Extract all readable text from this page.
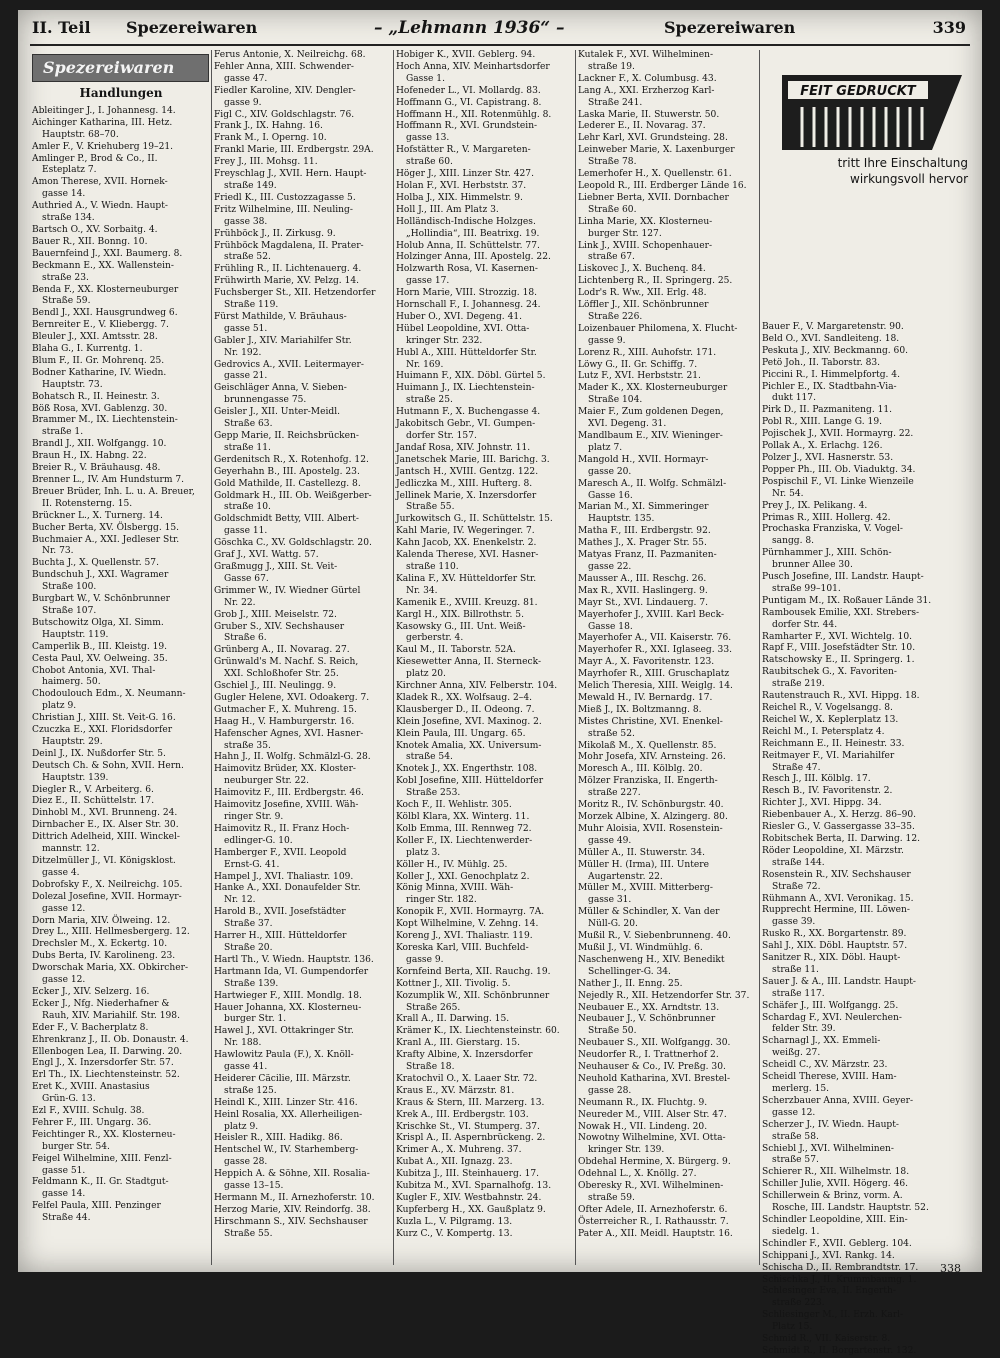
II. Teil Spezereiwaren	– „Lehmann 1936“ –	Spezereiwaren	339
Spezereiwaren
Handlungen
Ableitinger J., I. Johannesg. 14.
Aichinger Katharina, III. Hetz.
Hauptstr. 68–70.
Amler F., V. Kriehuberg 19–21.
Amlinger P., Brod & Co., II.
Esteplatz 7.
Amon Therese, XVII. Hornek-
gasse 14.
Authried A., V. Wiedn. Haupt-
straße 134.
Bartsch O., XV. Sorbaitg. 4.
Bauer R., XII. Bonng. 10.
Bauernfeind J., XXI. Baumerg. 8.
Beckmann E., XX. Wallenstein-
straße 23.
Benda F., XX. Klosterneuburger
Straße 59.
Bendl J., XXI. Hausgrundweg 6.
Bernreiter E., V. Kliebergg. 7.
Bleuler J., XXI. Amtsstr. 28.
Blaha G., I. Kurrentg. 1.
Blum F., II. Gr. Mohrenq. 25.
Bodner Katharine, IV. Wiedn.
Hauptstr. 73.
Bohatsch R., II. Heinestr. 3.
Böß Rosa, XVI. Gablenzg. 30.
Brammer M., IX. Liechtenstein-
straße 1.
Brandl J., XII. Wolfgangg. 10.
Braun H., IX. Habng. 22.
Breier R., V. Bräuhausg. 48.
Brenner L., IV. Am Hundsturm 7.
Breuer Brüder, Inh. L. u. A. Breuer,
II. Rotensterng. 15.
Brückner L., X. Turnerg. 14.
Bucher Berta, XV. Ölsbergg. 15.
Buchmaier A., XXI. Jedleser Str.
Nr. 73.
Buchta J., X. Quellenstr. 57.
Bundschuh J., XXI. Wagramer
Straße 100.
Burgbart W., V. Schönbrunner
Straße 107.
Butschowitz Olga, XI. Simm.
Hauptstr. 119.
Camperlik B., III. Kleistg. 19.
Cesta Paul, XV. Oelweing. 35.
Chobot Antonia, XVI. Thal-
haimerg. 50.
Chodoulouch Edm., X. Neumann-
platz 9.
Christian J., XIII. St. Veit-G. 16.
Czuczka E., XXI. Floridsdorfer
Hauptstr. 29.
Deinl J., IX. Nußdorfer Str. 5.
Deutsch Ch. & Sohn, XVII. Hern.
Hauptstr. 139.
Diegler R., V. Arbeiterg. 6.
Diez E., II. Schüttelstr. 17.
Dinhobl M., XVI. Brunneng. 24.
Dirnbacher E., IX. Alser Str. 30.
Dittrich Adelheid, XIII. Winckel-
mannstr. 12.
Ditzelmüller J., VI. Königsklost.
gasse 4.
Dobrofsky F., X. Neilreichg. 105.
Dolezal Josefine, XVII. Hormayr-
gasse 12.
Dorn Maria, XIV. Ölweing. 12.
Drey L., XIII. Hellmesbergerg. 12.
Drechsler M., X. Eckertg. 10.
Dubs Berta, IV. Karolineng. 23.
Dworschak Maria, XX. Obkircher-
gasse 12.
Ecker J., XIV. Selzerg. 16.
Ecker J., Nfg. Niederhafner &
Rauh, XIV. Mariahilf. Str. 198.
Eder F., V. Bacherplatz 8.
Ehrenkranz J., II. Ob. Donaustr. 4.
Ellenbogen Lea, II. Darwing. 20.
Engl J., X. Inzersdorfer Str. 57.
Erl Th., IX. Liechtensteinstr. 52.
Eret K., XVIII. Anastasius
Grün-G. 13.
Ezl F., XVIII. Schulg. 38.
Fehrer F., III. Ungarg. 36.
Feichtinger R., XX. Klosterneu-
burger Str. 54.
Feigel Wilhelmine, XIII. Fenzl-
gasse 51.
Feldmann K., II. Gr. Stadtgut-
gasse 14.
Felfel Paula, XIII. Penzinger
Straße 44.
Ferus Antonie, X. Neilreichg. 68.
Fehler Anna, XIII. Schwender-
gasse 47.
Fiedler Karoline, XIV. Dengler-
gasse 9.
Figl C., XIV. Goldschlagstr. 76.
Frank J., IX. Hahng. 16.
Frank M., I. Operng. 10.
Frankl Marie, III. Erdbergstr. 29A.
Frey J., III. Mohsg. 11.
Freyschlag J., XVII. Hern. Haupt-
straße 149.
Friedl K., III. Custozzagasse 5.
Fritz Wilhelmine, III. Neuling-
gasse 38.
Frühböck J., II. Zirkusg. 9.
Frühböck Magdalena, II. Prater-
straße 52.
Frühling R., II. Lichtenauerg. 4.
Frühwirth Marie, XV. Pelzg. 14.
Fuchsberger St., XII. Hetzendorfer
Straße 119.
Fürst Mathilde, V. Bräuhaus-
gasse 51.
Gabler J., XIV. Mariahilfer Str.
Nr. 192.
Gedrovics A., XVII. Leitermayer-
gasse 21.
Geischläger Anna, V. Sieben-
brunnengasse 75.
Geisler J., XII. Unter-Meidl.
Straße 63.
Gepp Marie, II. Reichsbrücken-
straße 11.
Gerdenitsch R., X. Rotenhofg. 12.
Geyerhahn B., III. Apostelg. 23.
Gold Mathilde, II. Castellezg. 8.
Goldmark H., III. Ob. Weißgerber-
straße 10.
Goldschmidt Betty, VIII. Albert-
gasse 11.
Göschka C., XV. Goldschlagstr. 20.
Graf J., XVI. Wattg. 57.
Graßmugg J., XIII. St. Veit-
Gasse 67.
Grimmer W., IV. Wiedner Gürtel
Nr. 22.
Grob J., XIII. Meiselstr. 72.
Gruber S., XIV. Sechshauser
Straße 6.
Grünberg A., II. Novarag. 27.
Grünwald's M. Nachf. S. Reich,
XXI. Schloßhofer Str. 25.
Gschiel J., III. Neulingg. 9.
Gugler Helene, XVI. Odoakerg. 7.
Gutmacher F., X. Muhreng. 15.
Haag H., V. Hamburgerstr. 16.
Hafenscher Agnes, XVI. Hasner-
straße 35.
Hahn J., II. Wolfg. Schmälzl-G. 28.
Haimovitz Brüder, XX. Kloster-
neuburger Str. 22.
Haimovitz F., III. Erdbergstr. 46.
Haimovitz Josefine, XVIII. Wäh-
ringer Str. 9.
Haimovitz R., II. Franz Hoch-
edlinger-G. 10.
Hamberger F., XVII. Leopold
Ernst-G. 41.
Hampel J., XVI. Thaliastr. 109.
Hanke A., XXI. Donaufelder Str.
Nr. 12.
Harold B., XVII. Josefstädter
Straße 37.
Harrer H., XIII. Hütteldorfer
Straße 20.
Hartl Th., V. Wiedn. Hauptstr. 136.
Hartmann Ida, VI. Gumpendorfer
Straße 139.
Hartwieger F., XIII. Mondlg. 18.
Hauer Johanna, XX. Klosterneu-
burger Str. 1.
Hawel J., XVI. Ottakringer Str.
Nr. 188.
Hawlowitz Paula (F.), X. Knöll-
gasse 41.
Heiderer Cäcilie, III. Märzstr.
straße 125.
Heindl K., XIII. Linzer Str. 416.
Heinl Rosalia, XX. Allerheiligen-
platz 9.
Heisler R., XIII. Hadikg. 86.
Hentschel W., IV. Starhemberg-
gasse 28.
Heppich A. & Söhne, XII. Rosalia-
gasse 13–15.
Hermann M., II. Arnezhoferstr. 10.
Herzog Marie, XIV. Reindorfg. 38.
Hirschmann S., XIV. Sechshauser
Straße 55.
Hobiger K., XVII. Geblerg. 94.
Hoch Anna, XIV. Meinhartsdorfer
Gasse 1.
Hofeneder L., VI. Mollardg. 83.
Hoffmann G., VI. Capistrang. 8.
Hoffmann H., XII. Rotenmühlg. 8.
Hoffmann R., XVI. Grundstein-
gasse 13.
Hofstätter R., V. Margareten-
straße 60.
Höger J., XIII. Linzer Str. 427.
Holan F., XVI. Herbststr. 37.
Holba J., XIX. Himmelstr. 9.
Holl J., III. Am Platz 3.
Holländisch-Indische Holzges.
„Hollindia“, III. Beatrixg. 19.
Holub Anna, II. Schüttelstr. 77.
Holzinger Anna, III. Apostelg. 22.
Holzwarth Rosa, VI. Kasernen-
gasse 17.
Horn Marie, VIII. Strozzig. 18.
Hornschall F., I. Johannesg. 24.
Huber O., XVI. Degeng. 41.
Hübel Leopoldine, XVI. Otta-
kringer Str. 232.
Hubl A., XIII. Hütteldorfer Str.
Nr. 169.
Huimann F., XIX. Döbl. Gürtel 5.
Huimann J., IX. Liechtenstein-
straße 25.
Hutmann F., X. Buchengasse 4.
Jakobitsch Gebr., VI. Gumpen-
dorfer Str. 157.
Jandaf Rosa, XIV. Johnstr. 11.
Janetschek Marie, III. Barichg. 3.
Jantsch H., XVIII. Gentzg. 122.
Jedliczka M., XIII. Hufterg. 8.
Jellinek Marie, X. Inzersdorfer
Straße 55.
Jurkowitsch G., II. Schüttelstr. 15.
Kahl Marie, IV. Wegeringer. 7.
Kahn Jacob, XX. Enenkelstr. 2.
Kalenda Therese, XVI. Hasner-
straße 110.
Kalina F., XV. Hütteldorfer Str.
Nr. 34.
Kamenik E., XVIII. Kreuzg. 81.
Kargl H., XIX. Billrothstr. 5.
Kasowsky G., III. Unt. Weiß-
gerberstr. 4.
Kaul M., II. Taborstr. 52A.
Kiesewetter Anna, II. Sterneck-
platz 20.
Kirchner Anna, XIV. Felberstr. 104.
Kladek R., XX. Wolfsaug. 2–4.
Klausberger D., II. Odeong. 7.
Klein Josefine, XVI. Maxinog. 2.
Klein Paula, III. Ungarg. 65.
Knotek Amalia, XX. Universum-
straße 54.
Knotek J., XX. Engerthstr. 108.
Kobl Josefine, XIII. Hütteldorfer
Straße 253.
Koch F., II. Wehlistr. 305.
Kölbl Klara, XX. Winterg. 11.
Kolb Emma, III. Rennweg 72.
Koller F., IX. Liechtenwerder-
platz 3.
Köller H., IV. Mühlg. 25.
Koller J., XXI. Genochplatz 2.
König Minna, XVIII. Wäh-
ringer Str. 182.
Konopik F., XVII. Hormayrg. 7A.
Kopt Wilhelmine, V. Zehng. 14.
Koreng J., XVI. Thaliastr. 119.
Koreska Karl, VIII. Buchfeld-
gasse 9.
Kornfeind Berta, XII. Rauchg. 19.
Kottner J., XII. Tivolig. 5.
Kozumplik W., XII. Schönbrunner
Straße 265.
Krall A., II. Darwing. 15.
Krämer K., IX. Liechtensteinstr. 60.
Kranl A., III. Gierstarg. 15.
Krafty Albine, X. Inzersdorfer
Straße 18.
Kratochvil O., X. Laaer Str. 72.
Kraus E., XV. Märzstr. 81.
Kraus & Stern, III. Marzerg. 13.
Krek A., III. Erdbergstr. 103.
Krischke St., VI. Stumperg. 37.
Krispl A., II. Aspernbrückeng. 2.
Krimer A., X. Muhreng. 37.
Kubat A., XII. Ignazg. 23.
Kubitza J., III. Steinhauerg. 17.
Kubitza M., XVI. Sparnalhofg. 13.
Kugler F., XIV. Westbahnstr. 24.
Kupferberg H., XX. Gaußplatz 9.
Kuzla L., V. Pilgramg. 13.
Kurz C., V. Kompertg. 13.
FEIT GEDRUCKT
tritt Ihre Einschaltung
wirkungsvoll hervor
Bauer F., V. Margaretenstr. 90.
Beld O., XVI. Sandleiteng. 18.
Peskuta J., XIV. Beckmanng. 60.
Petö Joh., II. Taborstr. 83.
Piccini R., I. Himmelpfortg. 4.
Pichler E., IX. Stadtbahn-Via-
dukt 117.
Pirk D., II. Pazmaniteng. 11.
Pobl R., XIII. Lange G. 19.
Pojischek J., XVII. Hormayrg. 22.
Pollak A., X. Erlachg. 126.
Polzer J., XVI. Hasnerstr. 53.
Popper Ph., III. Ob. Viaduktg. 34.
Pospischil F., VI. Linke Wienzeile
Nr. 54.
Prey J., IX. Pelikang. 4.
Primas R., XIII. Hollerg. 42.
Prochaska Franziska, V. Vogel-
sangg. 8.
Pürnhammer J., XIII. Schön-
brunner Allee 30.
Pusch Josefine, III. Landstr. Haupt-
straße 99–101.
Puntigam M., IX. Roßauer Lände 31.
Rambousek Emilie, XXI. Strebers-
dorfer Str. 44.
Ramharter F., XVI. Wichtelg. 10.
Rapf F., VIII. Josefstädter Str. 10.
Ratschowsky E., II. Springerg. 1.
Raubitschek G., X. Favoriten-
straße 219.
Rautenstrauch R., XVI. Hippg. 18.
Reichel R., V. Vogelsangg. 8.
Reichel W., X. Keplerplatz 13.
Reichl M., I. Petersplatz 4.
Reichmann E., II. Heinestr. 33.
Reitmayer F., VI. Mariahilfer
Straße 47.
Resch J., III. Kölblg. 17.
Resch B., IV. Favoritenstr. 2.
Richter J., XVI. Hippg. 34.
Riebenbauer A., X. Herzg. 86–90.
Riesler G., V. Gassergasse 33–35.
Robitschek Berta, II. Darwing. 12.
Röder Leopoldine, XI. Märzstr.
straße 144.
Rosenstein R., XIV. Sechshauser
Straße 72.
Rühmann A., XVI. Veronikag. 15.
Rupprecht Hermine, III. Löwen-
gasse 39.
Rusko R., XX. Borgartenstr. 89.
Sahl J., XIX. Döbl. Hauptstr. 57.
Sanitzer R., XIX. Döbl. Haupt-
straße 11.
Sauer J. & A., III. Landstr. Haupt-
straße 117.
Schäfer J., III. Wolfgangg. 25.
Schardag F., XVI. Neulerchen-
felder Str. 39.
Scharnagl J., XX. Emmeli-
weißg. 27.
Scheidl C., XV. Märzstr. 23.
Scheidl Therese, XVIII. Ham-
merlerg. 15.
Scherzbauer Anna, XVIII. Geyer-
gasse 12.
Scherzer J., IV. Wiedn. Haupt-
straße 58.
Schiebl J., XVI. Wilhelminen-
straße 57.
Schierer R., XII. Wilhelmstr. 18.
Schiller Julie, XVII. Högerg. 46.
Schillerwein & Brinz, vorm. A.
Rosche, III. Landstr. Hauptstr. 52.
Schindler Leopoldine, XIII. Ein-
siedelg. 1.
Schindler F., XVII. Geblerg. 104.
Schippani J., XVI. Rankg. 14.
Schischa D., II. Rembrandtstr. 17.
Schischka J., II. Krummbaumg. 1.
Schlesinger Eva, II. Engerth-
straße 223.
Schliesinger M., II. Erzh. Karl-
Platz 15.
Schmid R., VII. Kaiserstr. 8.
Schmidt R., II. Borgartenstr. 132.
338
Kutalek F., XVI. Wilhelminen-
straße 19.
Lackner F., X. Columbusg. 43.
Lang A., XXI. Erzherzog Karl-
Straße 241.
Laska Marie, II. Stuwerstr. 50.
Lederer E., II. Novarag. 37.
Lehr Karl, XVI. Grundsteing. 28.
Leinweber Marie, X. Laxenburger
Straße 78.
Lemerhofer H., X. Quellenstr. 61.
Leopold R., III. Erdberger Lände 16.
Liebner Berta, XVII. Dornbacher
Straße 60.
Linha Marie, XX. Klosterneu-
burger Str. 127.
Link J., XVIII. Schopenhauer-
straße 67.
Liskovec J., X. Buchenq. 84.
Lichtenberg R., II. Springerg. 25.
Lodr's R. Ww., XII. Erlg. 48.
Löffler J., XII. Schönbrunner
Straße 226.
Loizenbauer Philomena, X. Flucht-
gasse 9.
Lorenz R., XIII. Auhofstr. 171.
Löwy G., II. Gr. Schiffg. 7.
Lutz F., XVI. Herbststr. 21.
Mader K., XX. Klosterneuburger
Straße 104.
Maier F., Zum goldenen Degen,
XVI. Degeng. 31.
Mandlbaum E., XIV. Wieninger-
platz 7.
Mangold H., XVII. Hormayr-
gasse 20.
Maresch A., II. Wolfg. Schmälzl-
Gasse 16.
Marian M., XI. Simmeringer
Hauptstr. 135.
Matha F., III. Erdbergstr. 92.
Mathes J., X. Prager Str. 55.
Matyas Franz, II. Pazmaniten-
gasse 22.
Mausser A., III. Reschg. 26.
Max R., XVII. Haslingerg. 9.
Mayr St., XVI. Lindauerg. 7.
Mayerhofer J., XVIII. Karl Beck-
Gasse 18.
Mayerhofer A., VII. Kaiserstr. 76.
Mayerhofer R., XXI. Iglaseeg. 33.
Mayr A., X. Favoritenstr. 123.
Mayrhofer R., XIII. Gruschaplatz
Melich Theresia, XIII. Weiglg. 14.
Mewald H., IV. Bernardg. 17.
Mieß J., IX. Boltzmanng. 8.
Mistes Christine, XVI. Enenkel-
straße 52.
Mikolaß M., X. Quellenstr. 85.
Mohr Josefa, XIV. Arnsteing. 26.
Moresch A., III. Kölblg. 20.
Mölzer Franziska, II. Engerth-
straße 227.
Moritz R., IV. Schönburgstr. 40.
Morzek Albine, X. Alzingerg. 80.
Muhr Aloisia, XVII. Rosenstein-
gasse 49.
Müller A., II. Stuwerstr. 34.
Müller H. (Irma), III. Untere
Augartenstr. 22.
Müller M., XVIII. Mitterberg-
gasse 31.
Müller & Schindler, X. Van der
Nüll-G. 20.
Mußil R., V. Siebenbrunneng. 40.
Mußil J., VI. Windmühlg. 6.
Naschenweng H., XIV. Benedikt
Schellinger-G. 34.
Nather J., II. Enng. 25.
Nejedly R., XII. Hetzendorfer Str. 37.
Neubauer E., XX. Arndtstr. 13.
Neubauer J., V. Schönbrunner
Straße 50.
Neubauer S., XII. Wolfgangg. 30.
Neudorfer R., I. Trattnerhof 2.
Neuhauser & Co., IV. Preßg. 30.
Neuhold Katharina, XVI. Brestel-
gasse 28.
Neumann R., IX. Fluchtg. 9.
Neureder M., VIII. Alser Str. 47.
Nowak H., VII. Lindeng. 20.
Nowotny Wilhelmine, XVI. Otta-
kringer Str. 139.
Obdehal Hermine, X. Bürgerg. 9.
Odehnal L., X. Knöllg. 27.
Oberesky R., XVI. Wilhelminen-
straße 59.
Ofter Adele, II. Arnezhoferstr. 6.
Österreicher R., I. Rathausstr. 7.
Pater A., XII. Meidl. Hauptstr. 16.
